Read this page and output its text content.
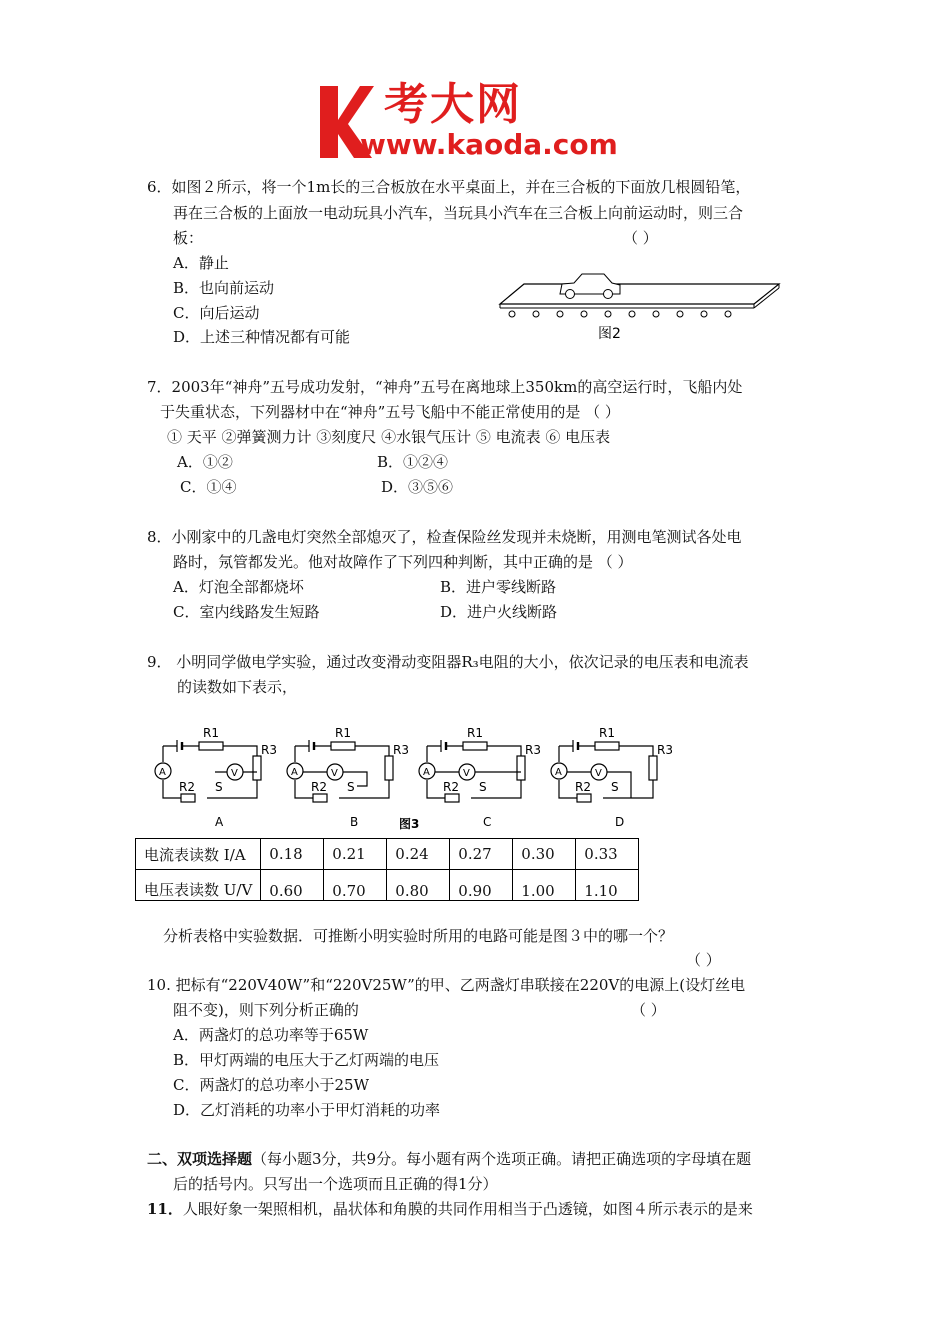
考大网
www.kaoda.com
6．如图２所示，将一个1m长的三合板放在水平桌面上，并在三合板的下面放几根圆铅笔，
再在三合板的上面放一电动玩具小汽车，当玩具小汽车在三合板上向前运动时，则三合
板：	（ ）
A．静止
B．也向前运动
C．向后运动
D．上述三种情况都有可能	图2
7．2003年“神舟”五号成功发射，“神舟”五号在离地球上350km的高空运行时，飞船内处
于失重状态，下列器材中在“神舟”五号飞船中不能正常使用的是 （ ）
① 天平 ②弹簧测力计 ③刻度尺 ④水银气压计 ⑤ 电流表 ⑥ 电压表
A．①②	B．①②④
C．①④	D．③⑤⑥
8．小刚家中的几盏电灯突然全部熄灭了，检查保险丝发现并未烧断，用测电笔测试各处电
路时，氖管都发光。他对故障作了下列四种判断，其中正确的是 （ ）
A．灯泡全部都烧坏	B．进户零线断路
C．室内线路发生短路	D．进户火线断路
9． 小明同学做电学实验，通过改变滑动变阻器R₃电阻的大小，依次记录的电压表和电流表
的读数如下表示，
R1
R3
R2 S
A	V
A
R1
R3
R2 S
A	V
B
R1
R3
R2 S
A	V
C
R1
R3
R2 S
A	V
D
图3
电流表读数 I/A	0.18	0.21	0.24	0.27	0.30	0.33
电压表读数 U/V	0.60	0.70	0.80	0.90	1.00	1.10
分析表格中实验数据．可推断小明实验时所用的电路可能是图３中的哪一个？
（ ）
10. 把标有“220V40W”和“220V25W”的甲、乙两盏灯串联接在220V的电源上(设灯丝电
阻不变)，则下列分析正确的	（ ）
A．两盏灯的总功率等于65W
B．甲灯两端的电压大于乙灯两端的电压
C．两盏灯的总功率小于25W
D．乙灯消耗的功率小于甲灯消耗的功率
二、双项选择题（每小题3分，共9分。每小题有两个选项正确。请把正确选项的字母填在题
后的括号内。只写出一个选项而且正确的得1分）
11．人眼好象一架照相机，晶状体和角膜的共同作用相当于凸透镜，如图４所示表示的是来
